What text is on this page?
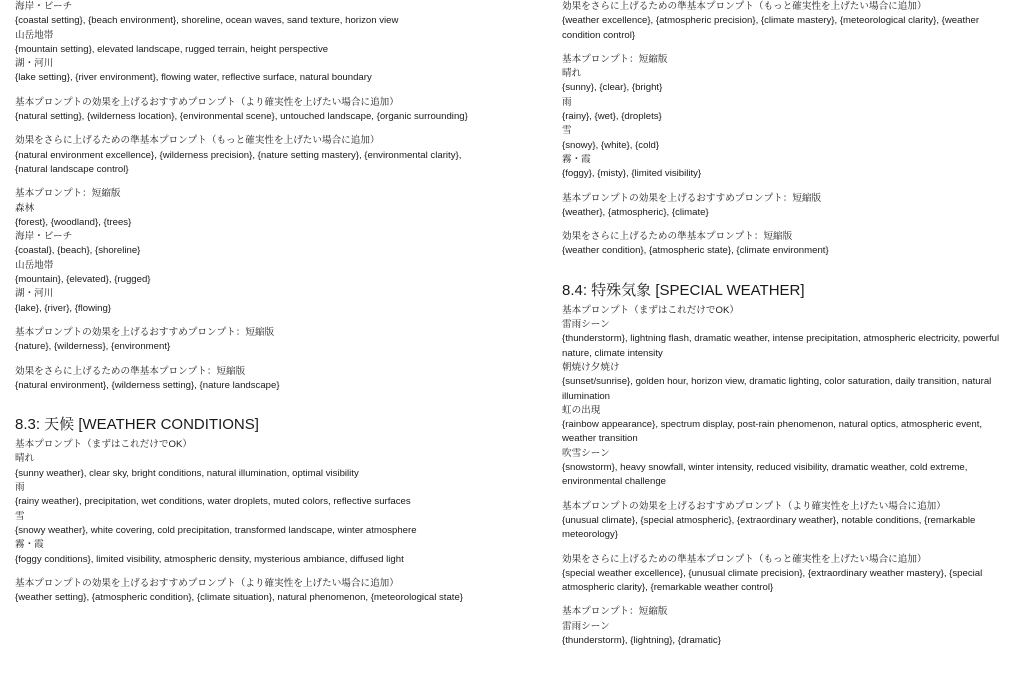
海岸・ビーチ
{coastal setting}, {beach environment}, shoreline, ocean waves, sand texture, horizon view
山岳地帯
{mountain setting}, elevated landscape, rugged terrain, height perspective
湖・河川
{lake setting}, {river environment}, flowing water, reflective surface, natural boundary
基本プロンプトの効果を上げるおすすめプロンプト（より確実性を上げたい場合に追加）
{natural setting}, {wilderness location}, {environmental scene}, untouched landscape, {organic surrounding}
効果をさらに上げるための準基本プロンプト（もっと確実性を上げたい場合に追加）
{natural environment excellence}, {wilderness precision}, {nature setting mastery}, {environmental clarity}, {natural landscape control}
基本プロンプト：短縮版
森林
{forest}, {woodland}, {trees}
海岸・ビーチ
{coastal}, {beach}, {shoreline}
山岳地帯
{mountain}, {elevated}, {rugged}
湖・河川
{lake}, {river}, {flowing}
基本プロンプトの効果を上げるおすすめプロンプト：短縮版
{nature}, {wilderness}, {environment}
効果をさらに上げるための準基本プロンプト：短縮版
{natural environment}, {wilderness setting}, {nature landscape}
8.3: 天候 [WEATHER CONDITIONS]
基本プロンプト（まずはこれだけでOK）
晴れ
{sunny weather}, clear sky, bright conditions, natural illumination, optimal visibility
雨
{rainy weather}, precipitation, wet conditions, water droplets, muted colors, reflective surfaces
雪
{snowy weather}, white covering, cold precipitation, transformed landscape, winter atmosphere
霧・霞
{foggy conditions}, limited visibility, atmospheric density, mysterious ambiance, diffused light
基本プロンプトの効果を上げるおすすめプロンプト（より確実性を上げたい場合に追加）
{weather setting}, {atmospheric condition}, {climate situation}, natural phenomenon, {meteorological state}
効果をさらに上げるための準基本プロンプト（もっと確実性を上げたい場合に追加）
{weather excellence}, {atmospheric precision}, {climate mastery}, {meteorological clarity}, {weather condition control}
基本プロンプト：短縮版
晴れ
{sunny}, {clear}, {bright}
雨
{rainy}, {wet}, {droplets}
雪
{snowy}, {white}, {cold}
霧・霞
{foggy}, {misty}, {limited visibility}
基本プロンプトの効果を上げるおすすめプロンプト：短縮版
{weather}, {atmospheric}, {climate}
効果をさらに上げるための準基本プロンプト：短縮版
{weather condition}, {atmospheric state}, {climate environment}
8.4: 特殊気象 [SPECIAL WEATHER]
基本プロンプト（まずはこれだけでOK）
雷雨シーン
{thunderstorm}, lightning flash, dramatic weather, intense precipitation, atmospheric electricity, powerful nature, climate intensity
朝焼け夕焼け
{sunset/sunrise}, golden hour, horizon view, dramatic lighting, color saturation, daily transition, natural illumination
虹の出現
{rainbow appearance}, spectrum display, post-rain phenomenon, natural optics, atmospheric event, weather transition
吹雪シーン
{snowstorm}, heavy snowfall, winter intensity, reduced visibility, dramatic weather, cold extreme, environmental challenge
基本プロンプトの効果を上げるおすすめプロンプト（より確実性を上げたい場合に追加）
{unusual climate}, {special atmospheric}, {extraordinary weather}, notable conditions, {remarkable meteorology}
効果をさらに上げるための準基本プロンプト（もっと確実性を上げたい場合に追加）
{special weather excellence}, {unusual climate precision}, {extraordinary weather mastery}, {special atmospheric clarity}, {remarkable weather control}
基本プロンプト：短縮版
雷雨シーン
{thunderstorm}, {lightning}, {dramatic}
